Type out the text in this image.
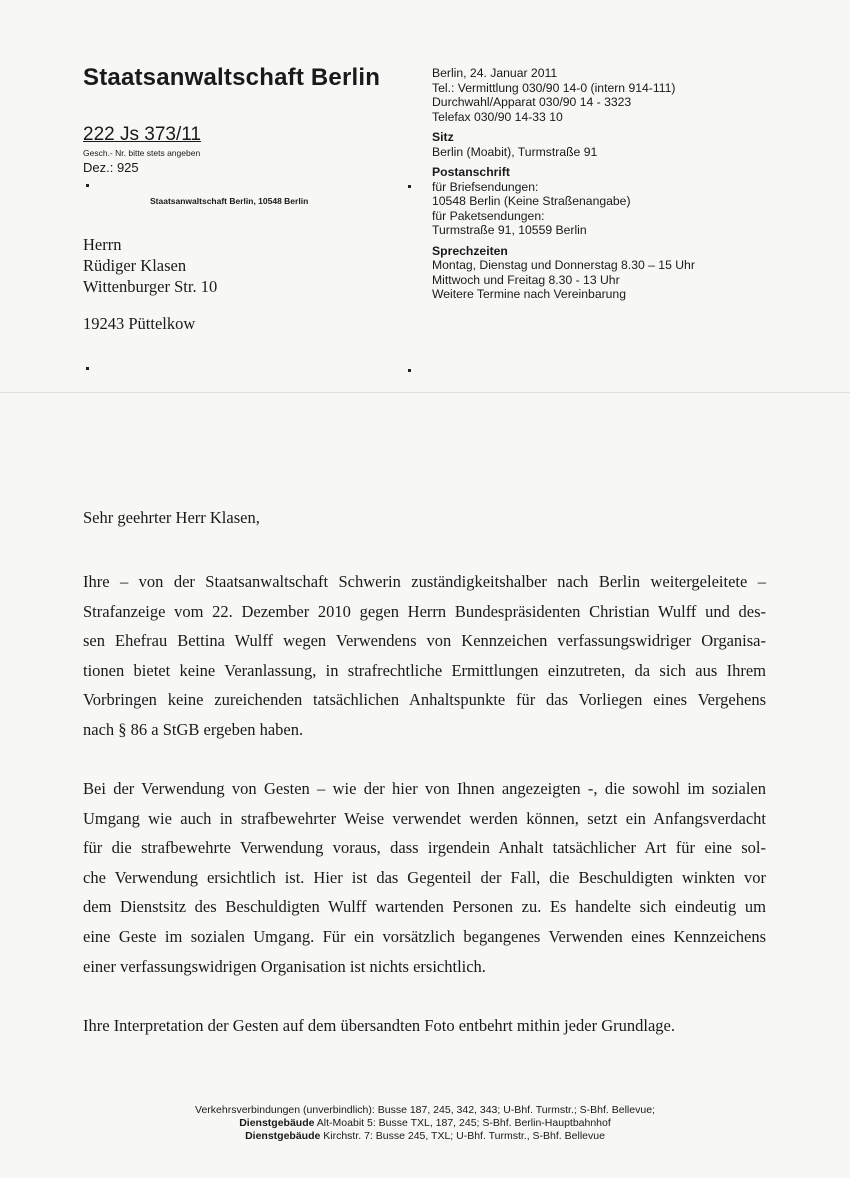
Staatsanwaltschaft Berlin
222 Js 373/11
Gesch.- Nr. bitte stets angeben
Dez.: 925
Staatsanwaltschaft Berlin, 10548 Berlin
Herrn
Rüdiger Klasen
Wittenburger Str. 10
19243 Püttelkow
Berlin, 24. Januar 2011
Tel.: Vermittlung 030/90 14-0 (intern 914-111)
Durchwahl/Apparat 030/90 14 - 3323
Telefax 030/90 14-33 10
Sitz
Berlin (Moabit), Turmstraße 91
Postanschrift
für Briefsendungen:
10548 Berlin (Keine Straßenangabe)
für Paketsendungen:
Turmstraße 91, 10559 Berlin
Sprechzeiten
Montag, Dienstag und Donnerstag 8.30 – 15 Uhr
Mittwoch und Freitag 8.30 - 13 Uhr
Weitere Termine nach Vereinbarung
Sehr geehrter Herr Klasen,
Ihre – von der Staatsanwaltschaft Schwerin zuständigkeitshalber nach Berlin weitergeleitete –
Strafanzeige vom 22. Dezember 2010 gegen Herrn Bundespräsidenten Christian Wulff und des-
sen Ehefrau Bettina Wulff wegen Verwendens von Kennzeichen verfassungswidriger Organisa-
tionen bietet keine Veranlassung, in strafrechtliche Ermittlungen einzutreten, da sich aus Ihrem
Vorbringen keine zureichenden tatsächlichen Anhaltspunkte für das Vorliegen eines Vergehens
nach § 86 a StGB ergeben haben.
Bei der Verwendung von Gesten – wie der hier von Ihnen angezeigten -, die sowohl im sozialen
Umgang wie auch in strafbewehrter Weise verwendet werden können, setzt ein Anfangsverdacht
für die strafbewehrte Verwendung voraus, dass irgendein Anhalt tatsächlicher Art für eine sol-
che Verwendung ersichtlich ist. Hier ist das Gegenteil der Fall, die Beschuldigten winkten vor
dem Dienstsitz des Beschuldigten Wulff wartenden Personen zu. Es handelte sich eindeutig um
eine Geste im sozialen Umgang. Für ein vorsätzlich begangenes Verwenden eines Kennzeichens
einer verfassungswidrigen Organisation ist nichts ersichtlich.
Ihre Interpretation der Gesten auf dem übersandten Foto entbehrt mithin jeder Grundlage.
Verkehrsverbindungen (unverbindlich): Busse 187, 245, 342, 343; U-Bhf. Turmstr.; S-Bhf. Bellevue;
Dienstgebäude Alt-Moabit 5: Busse TXL, 187, 245; S-Bhf. Berlin-Hauptbahnhof
Dienstgebäude Kirchstr. 7: Busse 245, TXL; U-Bhf. Turmstr., S-Bhf. Bellevue
